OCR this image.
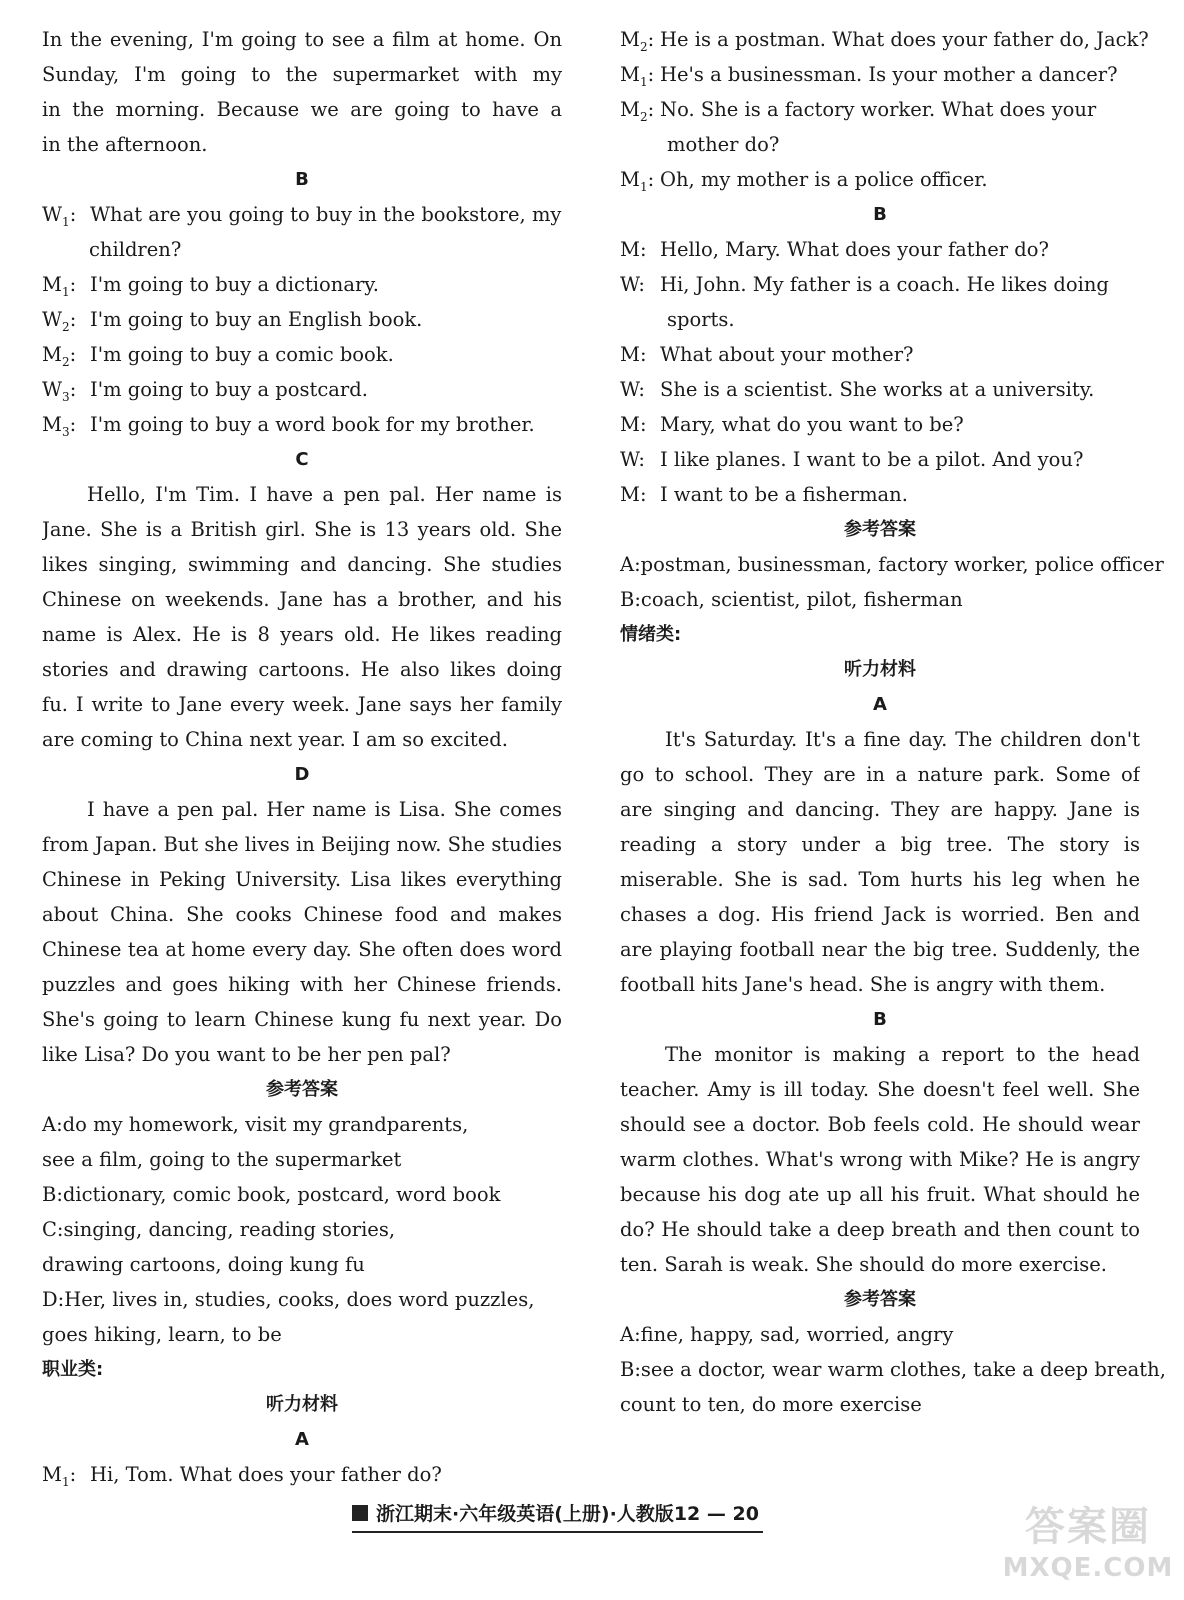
In the evening, I'm going to see a film at home. On

Sunday, I'm going to the supermarket with my

in the morning. Because we are going to have a

in the afternoon.

B

$W_1$: What are you going to buy in the bookstore, my

children?

$M_1$: I'm going to buy a dictionary.

$W_2$: I'm going to buy an English book.

$M_2$: I'm going to buy a comic book.

$W_3$: I'm going to buy a postcard.

$M_3$: I'm going to buy a word book for my brother.

C

Hello, I'm Tim. I have a pen pal. Her name is

Jane. She is a British girl. She is 13 years old. She

likes singing, swimming and dancing. She studies

Chinese on weekends. Jane has a brother, and his

name is Alex. He is 8 years old. He likes reading

stories and drawing cartoons. He also likes doing

fu. I write to Jane every week. Jane says her family

are coming to China next year. I am so excited.

D

I have a pen pal. Her name is Lisa. She comes

from Japan. But she lives in Beijing now. She studies

Chinese in Peking University. Lisa likes everything

about China. She cooks Chinese food and makes

Chinese tea at home every day. She often does word

puzzles and goes hiking with her Chinese friends.

She's going to learn Chinese kung fu next year. Do

like Lisa? Do you want to be her pen pal?

参考答案

A:do my homework, visit my grandparents,

see a film, going to the supermarket

B:dictionary, comic book, postcard, word book

C:singing, dancing, reading stories,

drawing cartoons, doing kung fu

D:Her, lives in, studies, cooks, does word puzzles,

goes hiking, learn, to be

职业类:

听力材料

A

$M_1$: Hi, Tom. What does your father do?

$M_2$: He is a postman. What does your father do, Jack?

$M_1$: He's a businessman. Is your mother a dancer?

$M_2$: No. She is a factory worker. What does your

mother do?

$M_1$: Oh, my mother is a police officer.

B

M: Hello, Mary. What does your father do?

W: Hi, John. My father is a coach. He likes doing

sports.

M: What about your mother?

W: She is a scientist. She works at a university.

M: Mary, what do you want to be?

W: I like planes. I want to be a pilot. And you?

M: I want to be a fisherman.

参考答案

A:postman, businessman, factory worker, police officer

B:coach, scientist, pilot, fisherman

情绪类:

听力材料

A

It's Saturday. It's a fine day. The children don't

go to school. They are in a nature park. Some of

are singing and dancing. They are happy. Jane is

reading a story under a big tree. The story is

miserable. She is sad. Tom hurts his leg when he

chases a dog. His friend Jack is worried. Ben and

are playing football near the big tree. Suddenly, the

football hits Jane's head. She is angry with them.

B

The monitor is making a report to the head

teacher. Amy is ill today. She doesn't feel well. She

should see a doctor. Bob feels cold. He should wear

warm clothes. What's wrong with Mike? He is angry

because his dog ate up all his fruit. What should he

do? He should take a deep breath and then count to

ten. Sarah is weak. She should do more exercise.

参考答案

A:fine, happy, sad, worried, angry

B:see a doctor, wear warm clothes, take a deep breath,

count to ten, do more exercise

浙江期末·六年级英语(上册)·人教版12 — 20	答案圈
MXQE.COM
